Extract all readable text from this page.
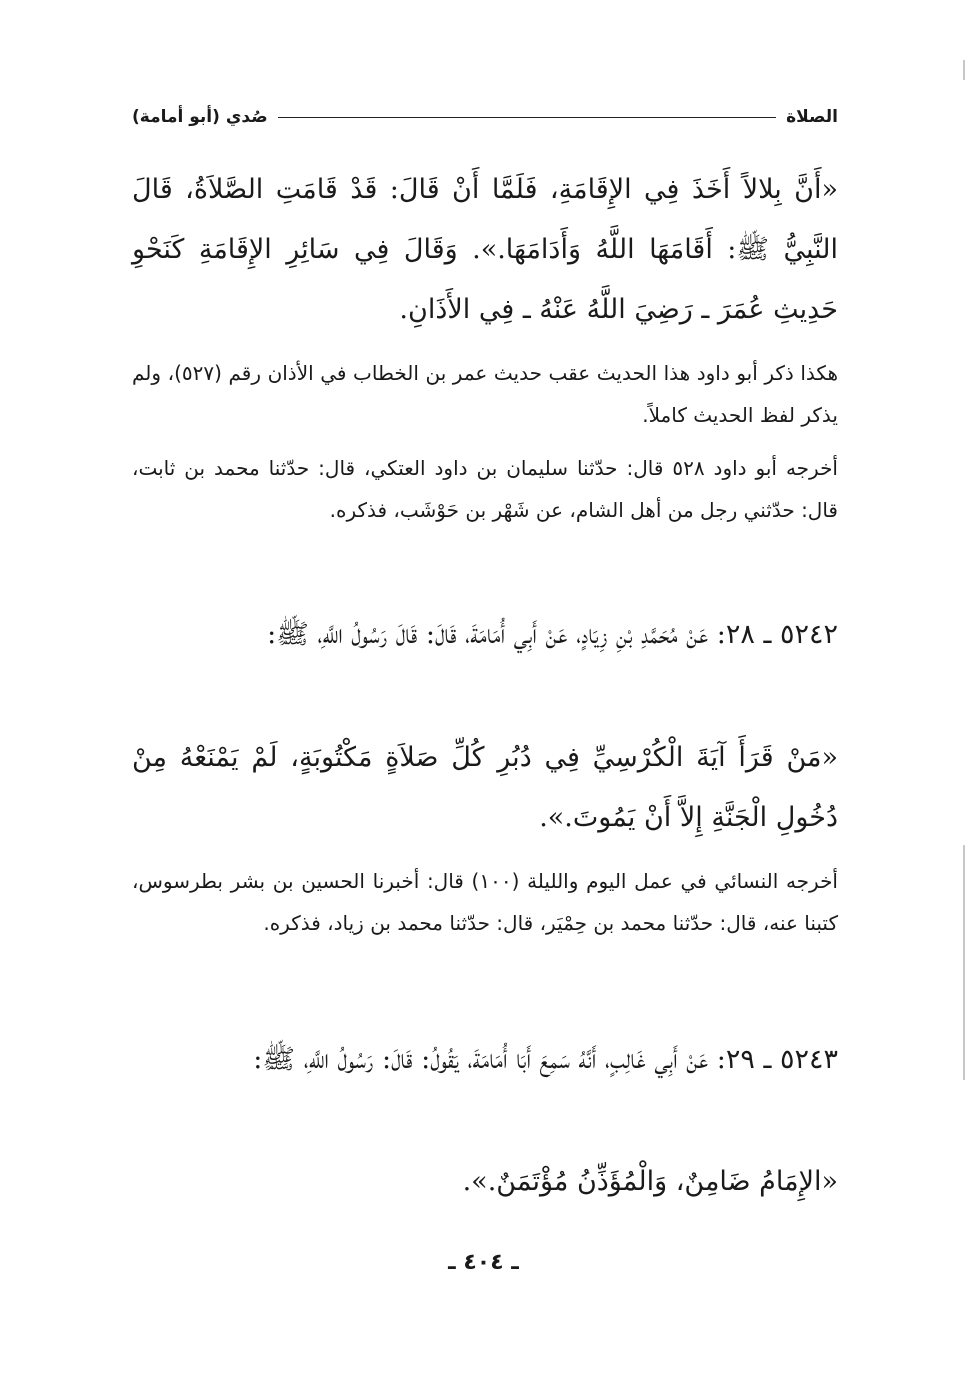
الصلاة
صُدي (أبو أمامة)
«أَنَّ بِلالاً أَخَذَ فِي الإِقَامَةِ، فَلَمَّا أَنْ قَالَ: قَدْ قَامَتِ الصَّلاَةُ، قَالَ النَّبِيُّ ﷺ: أَقَامَهَا اللَّهُ وَأَدَامَهَا.». وَقَالَ فِي سَائِرِ الإِقَامَةِ كَنَحْوِ حَدِيثِ عُمَرَ ـ رَضِيَ اللَّهُ عَنْهُ ـ فِي الأَذَانِ.
هكذا ذكر أبو داود هذا الحديث عقب حديث عمر بن الخطاب في الأذان رقم (٥٢٧)، ولم يذكر لفظ الحديث كاملاً.
أخرجه أبو داود ٥٢٨ قال: حدّثنا سليمان بن داود العتكي، قال: حدّثنا محمد بن ثابت، قال: حدّثني رجل من أهل الشام، عن شَهْر بن حَوْشَب، فذكره.
٥٢٤٢ ـ ٢٨: عَنْ مُحَمَّدِ بْنِ زِيَادٍ، عَنْ أَبِي أُمَامَةَ، قَالَ: قَالَ رَسُولُ اللَّهِ، ﷺ:
«مَنْ قَرَأَ آيَةَ الْكُرْسِيِّ فِي دُبُرِ كُلِّ صَلاَةٍ مَكْتُوبَةٍ، لَمْ يَمْنَعْهُ مِنْ دُخُولِ الْجَنَّةِ إِلاَّ أَنْ يَمُوتَ.».
أخرجه النسائي في عمل اليوم والليلة (١٠٠) قال: أخبرنا الحسين بن بشر بطرسوس، كتبنا عنه، قال: حدّثنا محمد بن حِمْيَر، قال: حدّثنا محمد بن زياد، فذكره.
٥٢٤٣ ـ ٢٩: عَنْ أَبِي غَالِبٍ، أَنَّهُ سَمِعَ أَبَا أُمَامَةَ، يَقُولُ: قَالَ: رَسُولُ اللَّهِ، ﷺ:
«الإِمَامُ ضَامِنٌ، وَالْمُؤَذِّنُ مُؤْتَمَنٌ.».
ـ ٤٠٤ ـ
